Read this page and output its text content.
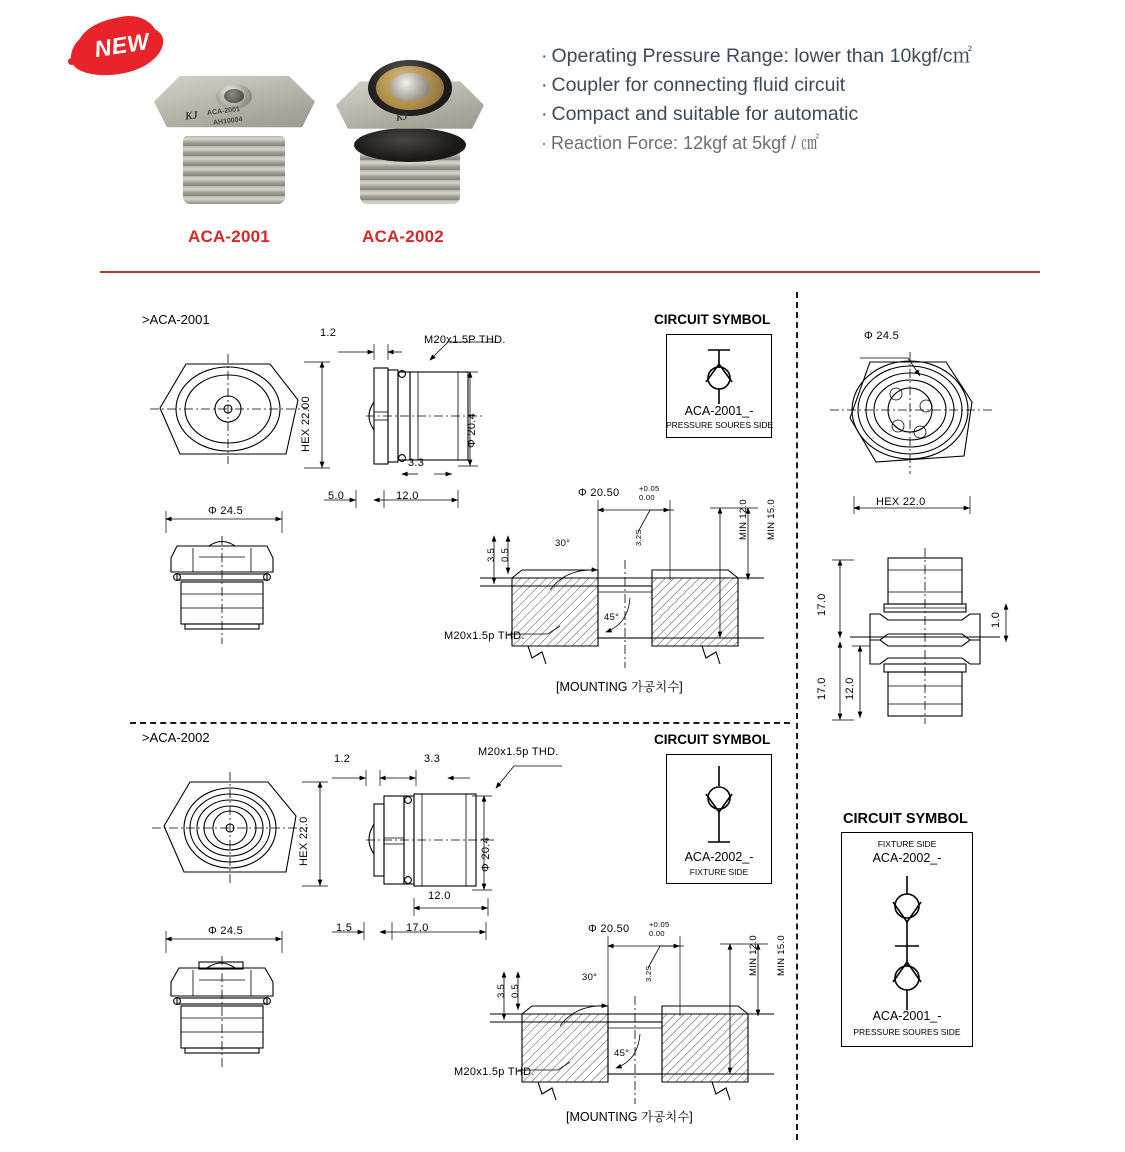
NEW
KJ ACA-2001
AH10004
ACA-2001
KJ
ACA-2002
· Operating Pressure Range: lower than 10kgf/c㎡
· Coupler for connecting fluid circuit
· Compact and suitable for automatic
· Reaction Force: 12kgf at 5kgf / ㎠
>ACA-2001
HEX 22.00
Φ 24.5
1.2
M20x1.5P THD.
Φ 20.4
3.3
5.0	12.0
30°
45°
Φ 20.50	+0.05
0.00
3.2S
3.5 0.5
MIN 12.0 MIN 15.0
M20x1.5p THD.
[MOUNTING 가공치수]
CIRCUIT SYMBOL
ACA-2001_-
PRESSURE SOURES SIDE
Φ 24.5
HEX 22.0
17.0
17.0 12.0
1.0
>ACA-2002
HEX 22.0
Φ 24.5
1.2	3.3
M20x1.5p THD.
Φ 20.4
12.0
1.5	17.0
30°
45°
Φ 20.50	+0.05
0.00
3.2S
3.5 0.5
MIN 12.0 MIN 15.0
M20x1.5p THD.
[MOUNTING 가공치수]
CIRCUIT SYMBOL
ACA-2002_-
FIXTURE SIDE
CIRCUIT SYMBOL
FIXTURE SIDE
ACA-2002_-
ACA-2001_-
PRESSURE SOURES SIDE
